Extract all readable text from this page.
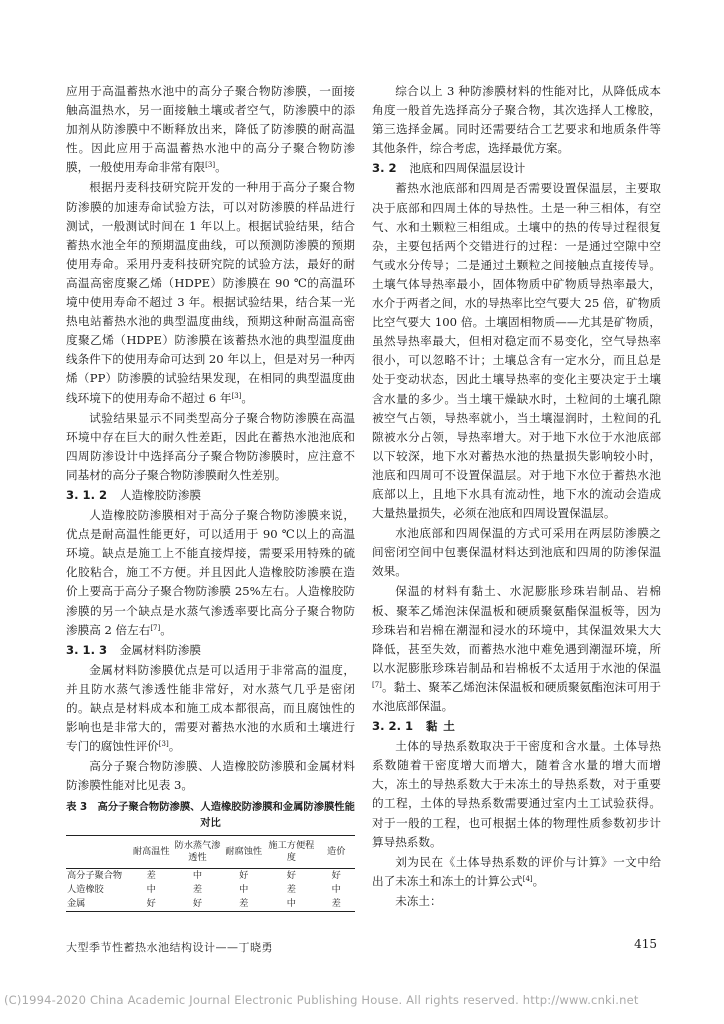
应用于高温蓄热水池中的高分子聚合物防渗膜，一面接触高温热水，另一面接触土壤或者空气，防渗膜中的添加剂从防渗膜中不断释放出来，降低了防渗膜的耐高温性。因此应用于高温蓄热水池中的高分子聚合物防渗膜，一般使用寿命非常有限[3]。

根据丹麦科技研究院开发的一种用于高分子聚合物防渗膜的加速寿命试验方法，可以对防渗膜的样品进行测试，一般测试时间在 1 年以上。根据试验结果，结合蓄热水池全年的预期温度曲线，可以预测防渗膜的预期使用寿命。采用丹麦科技研究院的试验方法，最好的耐高温高密度聚乙烯（HDPE）防渗膜在 90 ℃的高温环境中使用寿命不超过 3 年。根据试验结果，结合某一光热电站蓄热水池的典型温度曲线，预期这种耐高温高密度聚乙烯（HDPE）防渗膜在该蓄热水池的典型温度曲线条件下的使用寿命可达到 20 年以上，但是对另一种丙烯（PP）防渗膜的试验结果发现，在相同的典型温度曲线环境下的使用寿命不超过 6 年[3]。

试验结果显示不同类型高分子聚合物防渗膜在高温环境中存在巨大的耐久性差距，因此在蓄热水池池底和四周防渗设计中选择高分子聚合物防渗膜时，应注意不同基材的高分子聚合物防渗膜耐久性差别。

3. 1. 2 人造橡胶防渗膜

人造橡胶防渗膜相对于高分子聚合物防渗膜来说，优点是耐高温性能更好，可以适用于 90 ℃以上的高温环境。缺点是施工上不能直接焊接，需要采用特殊的硫化胶粘合，施工不方便。并且因此人造橡胶防渗膜在造价上要高于高分子聚合物防渗膜 25%左右。人造橡胶防渗膜的另一个缺点是水蒸气渗透率要比高分子聚合物防渗膜高 2 倍左右[7]。

3. 1. 3 金属材料防渗膜

金属材料防渗膜优点是可以适用于非常高的温度，并且防水蒸气渗透性能非常好，对水蒸气几乎是密闭的。缺点是材料成本和施工成本都很高，而且腐蚀性的影响也是非常大的，需要对蓄热水池的水质和土壤进行专门的腐蚀性评价[3]。

高分子聚合物防渗膜、人造橡胶防渗膜和金属材料防渗膜性能对比见表 3。

表 3 高分子聚合物防渗膜、人造橡胶防渗膜和金属防渗膜性能对比
	耐高温性	防水蒸气渗透性	耐腐蚀性	施工方便程度	造价
高分子聚合物	差	中	好	好	好
人造橡胶	中	差	中	差	中
金属	好	好	差	中	差

综合以上 3 种防渗膜材料的性能对比，从降低成本角度一般首先选择高分子聚合物，其次选择人工橡胶，第三选择金属。同时还需要结合工艺要求和地质条件等其他条件，综合考虑，选择最优方案。

3. 2 池底和四周保温层设计

蓄热水池底部和四周是否需要设置保温层，主要取决于底部和四周土体的导热性。土是一种三相体，有空气、水和土颗粒三相组成。土壤中的热的传导过程很复杂，主要包括两个交错进行的过程：一是通过空隙中空气或水分传导；二是通过土颗粒之间接触点直接传导。土壤气体导热率最小，固体物质中矿物质导热率最大，水介于两者之间，水的导热率比空气要大 25 倍，矿物质比空气要大 100 倍。土壤固相物质——尤其是矿物质，虽然导热率最大，但相对稳定而不易变化，空气导热率很小，可以忽略不计；土壤总含有一定水分，而且总是处于变动状态，因此土壤导热率的变化主要决定于土壤含水量的多少。当土壤干燥缺水时，土粒间的土壤孔隙被空气占领，导热率就小，当土壤湿润时，土粒间的孔隙被水分占领，导热率增大。对于地下水位于水池底部以下较深，地下水对蓄热水池的热量损失影响较小时，池底和四周可不设置保温层。对于地下水位于蓄热水池底部以上，且地下水具有流动性，地下水的流动会造成大量热量损失，必须在池底和四周设置保温层。

水池底部和四周保温的方式可采用在两层防渗膜之间密闭空间中包裹保温材料达到池底和四周的防渗保温效果。

保温的材料有黏土、水泥膨胀珍珠岩制品、岩棉板、聚苯乙烯泡沫保温板和硬质聚氨酯保温板等，因为珍珠岩和岩棉在潮湿和浸水的环境中，其保温效果大大降低，甚至失效，而蓄热水池中难免遇到潮湿环境，所以水泥膨胀珍珠岩制品和岩棉板不太适用于水池的保温[7]。黏土、聚苯乙烯泡沫保温板和硬质聚氨酯泡沫可用于水池底部保温。

3. 2. 1 黏土

土体的导热系数取决于干密度和含水量。土体导热系数随着干密度增大而增大，随着含水量的增大而增大，冻土的导热系数大于未冻土的导热系数，对于重要的工程，土体的导热系数需要通过室内土工试验获得。对于一般的工程，也可根据土体的物理性质参数初步计算导热系数。

刘为民在《土体导热系数的评价与计算》一文中给出了未冻土和冻土的计算公式[4]。

未冻土：

大型季节性蓄热水池结构设计——丁晓勇	415
(C)1994-2020 China Academic Journal Electronic Publishing House. All rights reserved. http://www.cnki.net
